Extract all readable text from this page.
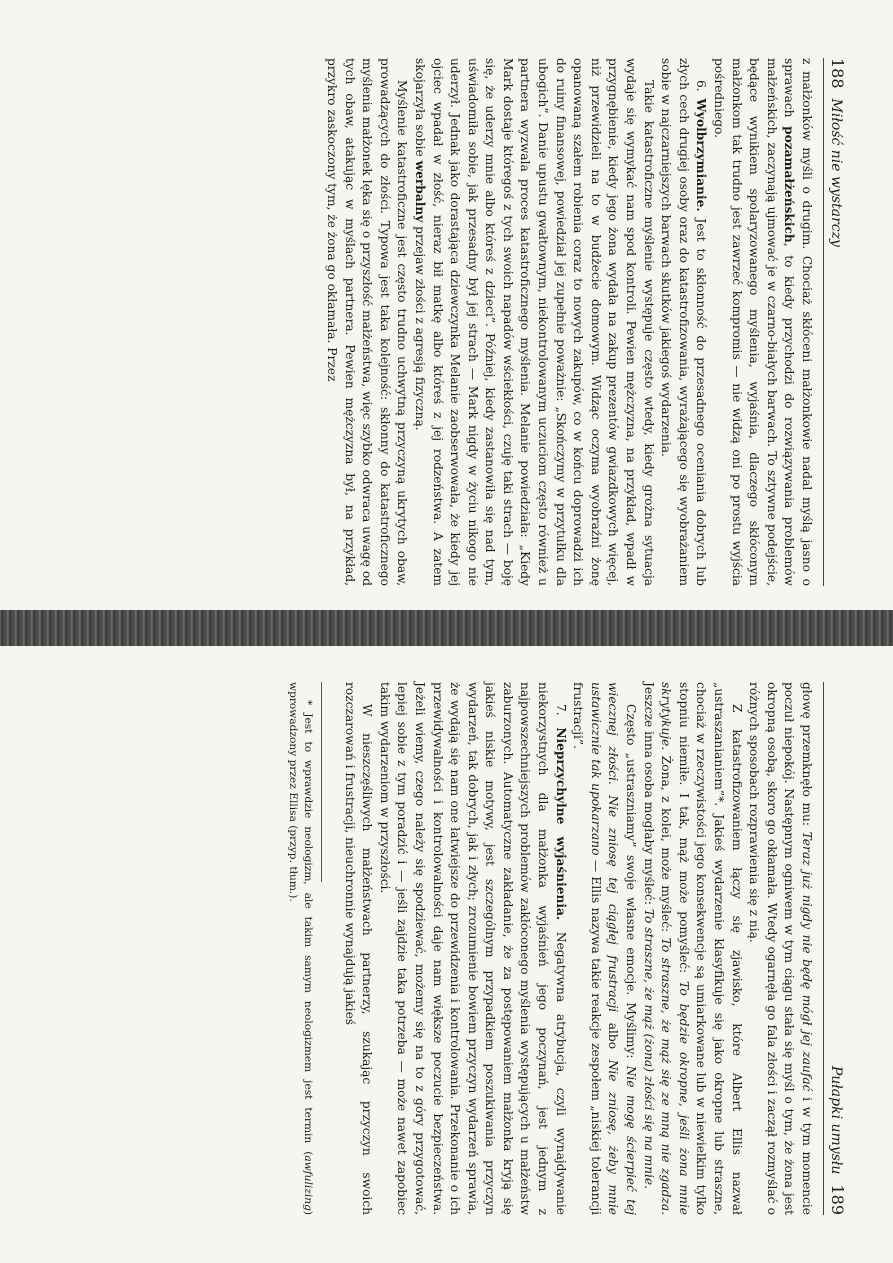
188
Miłość nie wystarczy

z małżonków myśli o drugim. Chociaż skłóceni małżonkowie nadal myślą jasno o sprawach pozamałżeńskich, to kiedy przychodzi do rozwiązywania problemów małżeńskich, zaczynają ujmować je w czarno-białych barwach. To sztywne podejście, będące wynikiem spolaryzowanego myślenia, wyjaśnia, dlaczego skłóconym małżonkom tak trudno jest zawrzeć kompromis — nie widzą oni po prostu wyjścia pośredniego.

6. Wyolbrzymianie. Jest to skłonność do przesadnego oceniania dobrych lub złych cech drugiej osoby oraz do katastrofizowania, wyrażającego się wyobrażaniem sobie w najczarniejszych barwach skutków jakiegoś wydarzenia.

Takie katastroficzne myślenie występuje często wtedy, kiedy grożna sytuacja wydaje się wymykać nam spod kontroli. Pewien mężczyzna, na przykład, wpadł w przygnębienie, kiedy jego żona wydała na zakup prezentów gwiazdkowych więcej, niż przewidzieli na to w budżecie domowym. Widząc oczyma wyobraźni żonę opanowaną szałem robienia coraz to nowych zakupów, co w końcu doprowadzi ich do ruiny finansowej, powiedział jej zupełnie poważnie: „Skończymy w przytułku dla ubogich”. Danie upustu gwałtownym, niekontrolowanym uczuciom często również u partnera wyzwala proces katastroficznego myślenia. Melanie powiedziała: „Kiedy Mark dostaje któregoś z tych swoich napadów wściekłości, czuję taki strach — boję się, że uderzy mnie albo któreś z dzieci”. Później, kiedy zastanowiła się nad tym, uświadomiła sobie, jak przesadny był jej strach — Mark nigdy w życiu nikogo nie uderzył. Jednak jako dorastająca dziewczynka Melanie zaobserwowała, że kiedy jej ojciec wpadał w złość, nieraz bił matkę albo któreś z jej rodzeństwa. A zatem skojarzyła sobie werbalny przejaw złości z agresją fizyczną.

Myślenie katastroficzne jest często trudno uchwytną przyczyną ukrytych obaw, prowadzących do złości. Typowa jest taka kolejność: skłonny do katastroficznego myślenia małżonek lęka się o przyszłość małżeństwa, więc szybko odwraca uwagę od tych obaw, atakując w myślach partnera. Pewien mężczyzna był, na przykład, przykro zaskoczony tym, że żona go okłamała. Przez

Pułapki umysłu
189

głowę przemknęło mu: Teraz już nigdy nie będę mógł jej zaufać i w tym momencie poczuł niepokój. Następnym ogniwem w tym ciągu stała się myśl o tym, że żona jest okropną osobą, skoro go okłamała. Wtedy ogarnęła go fala złości i zaczął rozmyślać o różnych sposobach rozprawienia się z nią.

Z katastrofizowaniem łączy się zjawisko, które Albert Ellis nazwał „ustraszanianiem”*. Jakieś wydarzenie klasyfikuje się jako okropne lub straszne, chociaż w rzeczywistości jego konsekwencje są umiarkowane lub w niewielkim tylko stopniu niemiłe. I tak, mąż może pomyśleć: To będzie okropne, jeśli żona mnie skrytykuje. Żona, z kolei, może myśleć: To straszne, że mąż się ze mną nie zgadza. Jeszcze inna osoba mogłaby myśleć: To straszne, że mąż (żona) złości się na mnie.

Często „ustraszniamy” swoje własne emocje. Myślimy: Nie mogę ścierpieć tej wiecznej złości. Nie zniosę tej ciągłej frustracji albo Nie zniosę, żeby mnie ustawicznie tak upokarzano — Ellis nazywa takie reakcje zespołem „niskiej tolerancji frustracji”.

7. Nieprzychylne wyjaśnienia. Negatywna atrybucja, czyli wynajdywanie niekorzystnych dla małżonka wyjaśnień jego poczynań, jest jednym z najpowszechniejszych problemów zakłóconego myślenia występujących u małżeństw zaburzonych. Automatyczne zakładanie, że za postępowaniem małżonka kryją się jakieś niskie motywy, jest szczególnym przypadkiem poszukiwania przyczyn wydarzeń, tak dobrych, jak i złych; zrozumienie bowiem przyczyn wydarzeń sprawia, że wydają się nam one łatwiejsze do przewidzenia i kontrolowania. Przekonanie o ich przewidywalności i kontrolowalności daje nam większe poczucie bezpieczeństwa. Jeżeli wiemy, czego należy się spodziewać, możemy się na to z góry przygotować, lepiej sobie z tym poradzić i — jeśli zajdzie taka potrzeba — może nawet zapobiec takim wydarzeniom w przyszłości.

W nieszczęśliwych małżeństwach partnerzy, szukając przyczyn swoich rozczarowań i frustracji, nieuchronnie wynajdują jakieś

* Jest to wprawdzie neologizm, ale takim samym neologizmem jest termin (awfulizing) wprowadzony przez Ellisa (przyp. tłum.).
